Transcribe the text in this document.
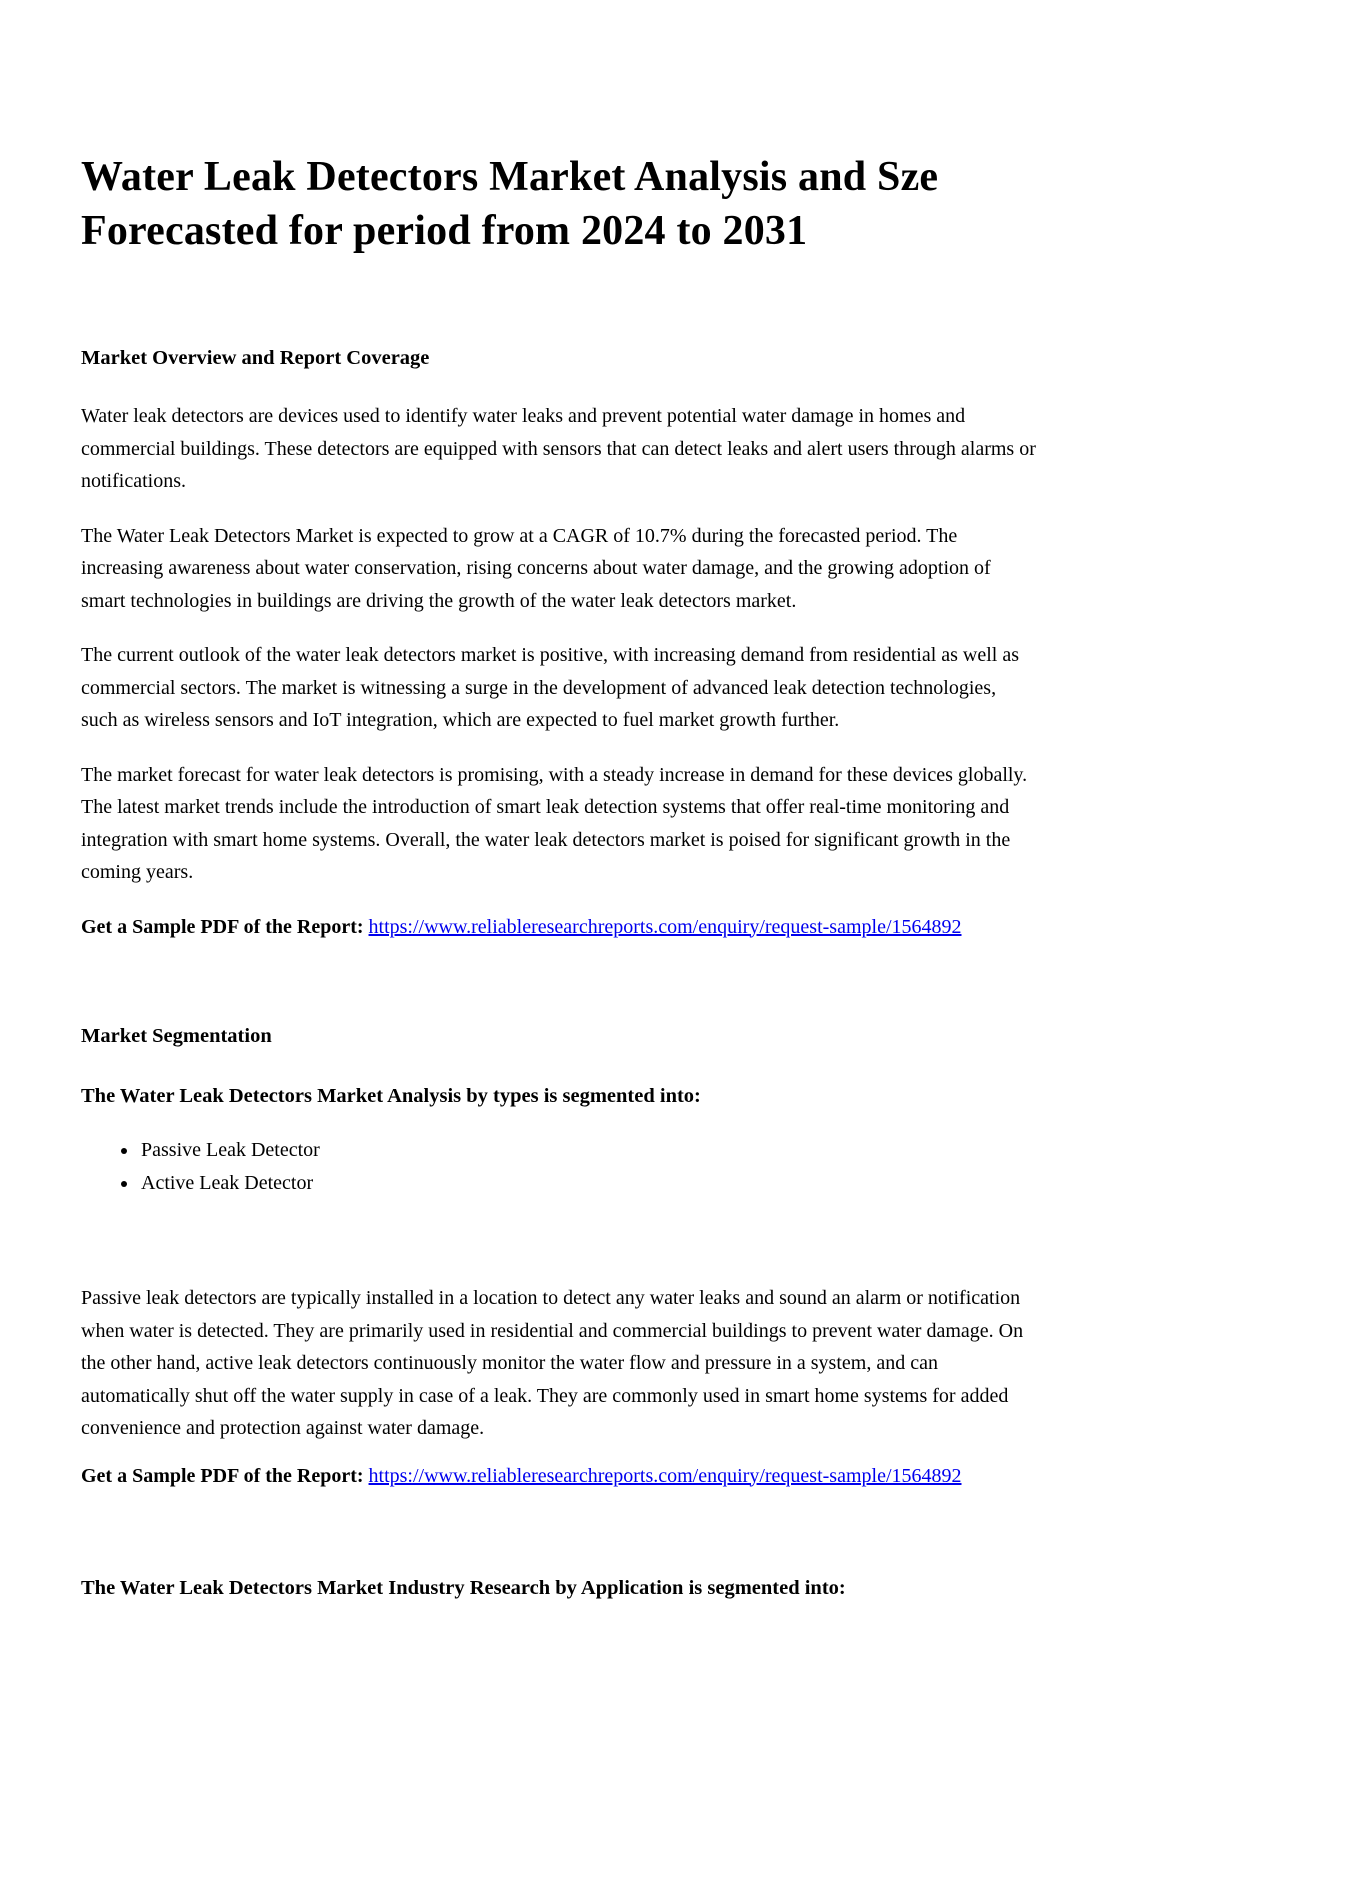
Water Leak Detectors Market Analysis and Sze Forecasted for period from 2024 to 2031
Market Overview and Report Coverage

Water leak detectors are devices used to identify water leaks and prevent potential water damage in homes and commercial buildings. These detectors are equipped with sensors that can detect leaks and alert users through alarms or notifications.

The Water Leak Detectors Market is expected to grow at a CAGR of 10.7% during the forecasted period. The increasing awareness about water conservation, rising concerns about water damage, and the growing adoption of smart technologies in buildings are driving the growth of the water leak detectors market.

The current outlook of the water leak detectors market is positive, with increasing demand from residential as well as commercial sectors. The market is witnessing a surge in the development of advanced leak detection technologies, such as wireless sensors and IoT integration, which are expected to fuel market growth further.

The market forecast for water leak detectors is promising, with a steady increase in demand for these devices globally. The latest market trends include the introduction of smart leak detection systems that offer real-time monitoring and integration with smart home systems. Overall, the water leak detectors market is poised for significant growth in the coming years.

Get a Sample PDF of the Report: https://www.reliableresearchreports.com/enquiry/request-sample/1564892

Market Segmentation
The Water Leak Detectors Market Analysis by types is segmented into:
• Passive Leak Detector
• Active Leak Detector

Passive leak detectors are typically installed in a location to detect any water leaks and sound an alarm or notification when water is detected. They are primarily used in residential and commercial buildings to prevent water damage. On the other hand, active leak detectors continuously monitor the water flow and pressure in a system, and can automatically shut off the water supply in case of a leak. They are commonly used in smart home systems for added convenience and protection against water damage.

Get a Sample PDF of the Report: https://www.reliableresearchreports.com/enquiry/request-sample/1564892

The Water Leak Detectors Market Industry Research by Application is segmented into:
